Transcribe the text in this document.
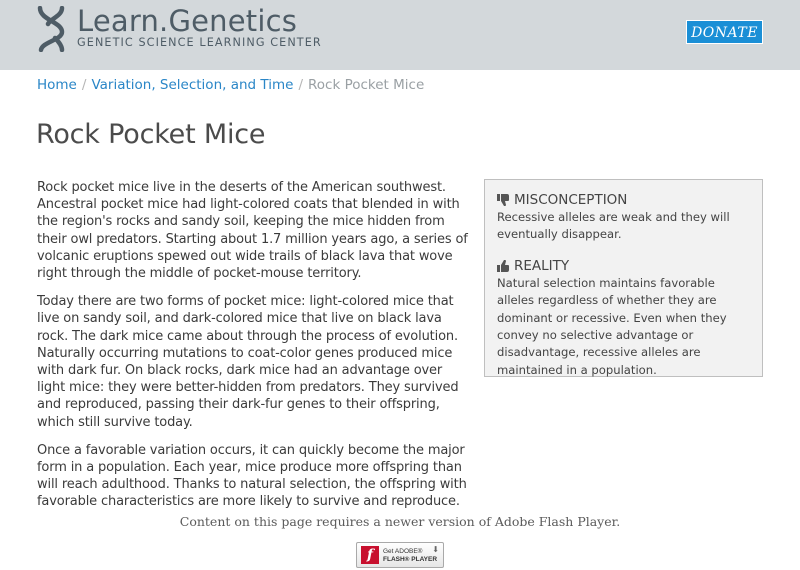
Learn.Genetics
GENETIC SCIENCE LEARNING CENTER
DONATE
Home / Variation, Selection, and Time / Rock Pocket Mice
Rock Pocket Mice

Rock pocket mice live in the deserts of the American southwest. Ancestral pocket mice had light-colored coats that blended in with the region's rocks and sandy soil, keeping the mice hidden from their owl predators. Starting about 1.7 million years ago, a series of volcanic eruptions spewed out wide trails of black lava that wove right through the middle of pocket-mouse territory.

Today there are two forms of pocket mice: light-colored mice that live on sandy soil, and dark-colored mice that live on black lava rock. The dark mice came about through the process of evolution. Naturally occurring mutations to coat-color genes produced mice with dark fur. On black rocks, dark mice had an advantage over light mice: they were better-hidden from predators. They survived and reproduced, passing their dark-fur genes to their offspring, which still survive today.

Once a favorable variation occurs, it can quickly become the major form in a population. Each year, mice produce more offspring than will reach adulthood. Thanks to natural selection, the offspring with favorable characteristics are more likely to survive and reproduce.

MISCONCEPTION
Recessive alleles are weak and they will eventually disappear.
REALITY
Natural selection maintains favorable alleles regardless of whether they are dominant or recessive. Even when they convey no selective advantage or disadvantage, recessive alleles are maintained in a population.
Content on this page requires a newer version of Adobe Flash Player.
f	Get ADOBE®
FLASH® PLAYER
⬇
